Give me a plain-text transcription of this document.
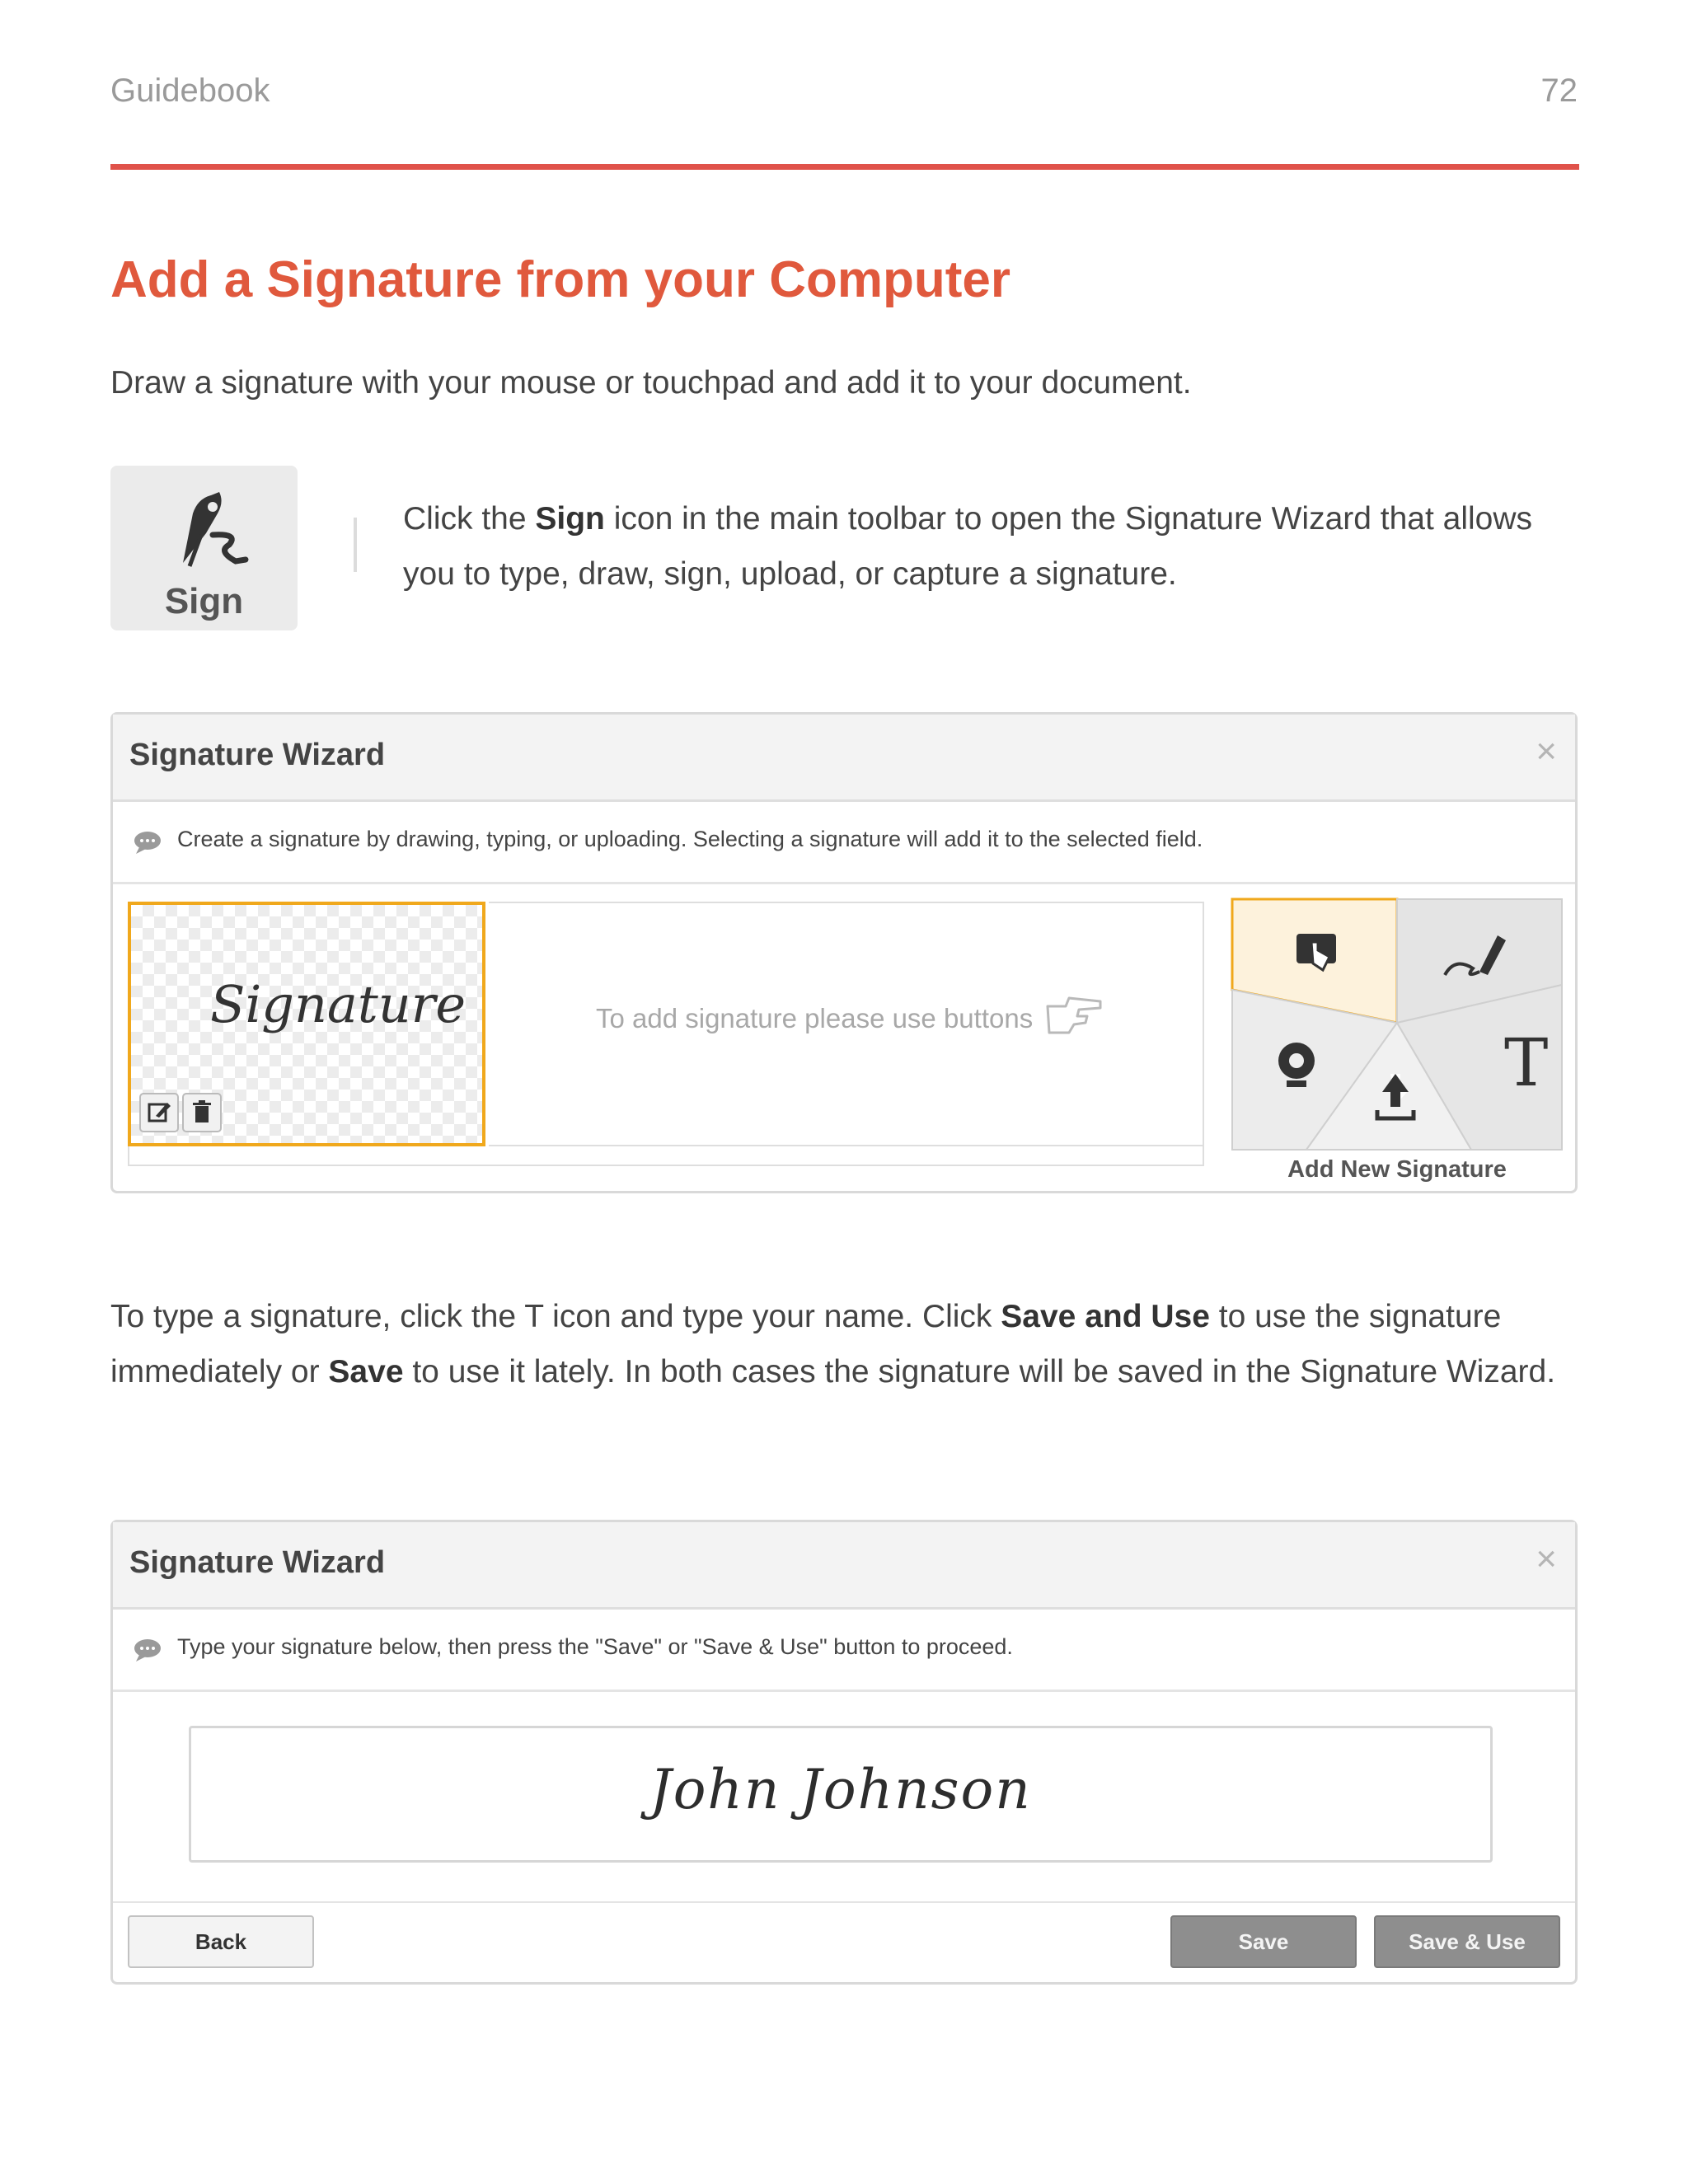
Guidebook	72
Add a Signature from your Computer
Draw a signature with your mouse or touchpad and add it to your document.
Sign
Click the Sign icon in the main toolbar to open the Signature Wizard that allows you to type, draw, sign, upload, or capture a signature.
Signature Wizard	×
Create a signature by drawing, typing, or uploading. Selecting a signature will add it to the selected field.
Signature	To add signature please use buttons
T
Add New Signature
To type a signature, click the T icon and type your name. Click Save and Use to use the signature immediately or Save to use it lately. In both cases the signature will be saved in the Signature Wizard.
Signature Wizard	×
Type your signature below, then press the "Save" or "Save & Use" button to proceed.
John Johnson
Back	Save	Save & Use
